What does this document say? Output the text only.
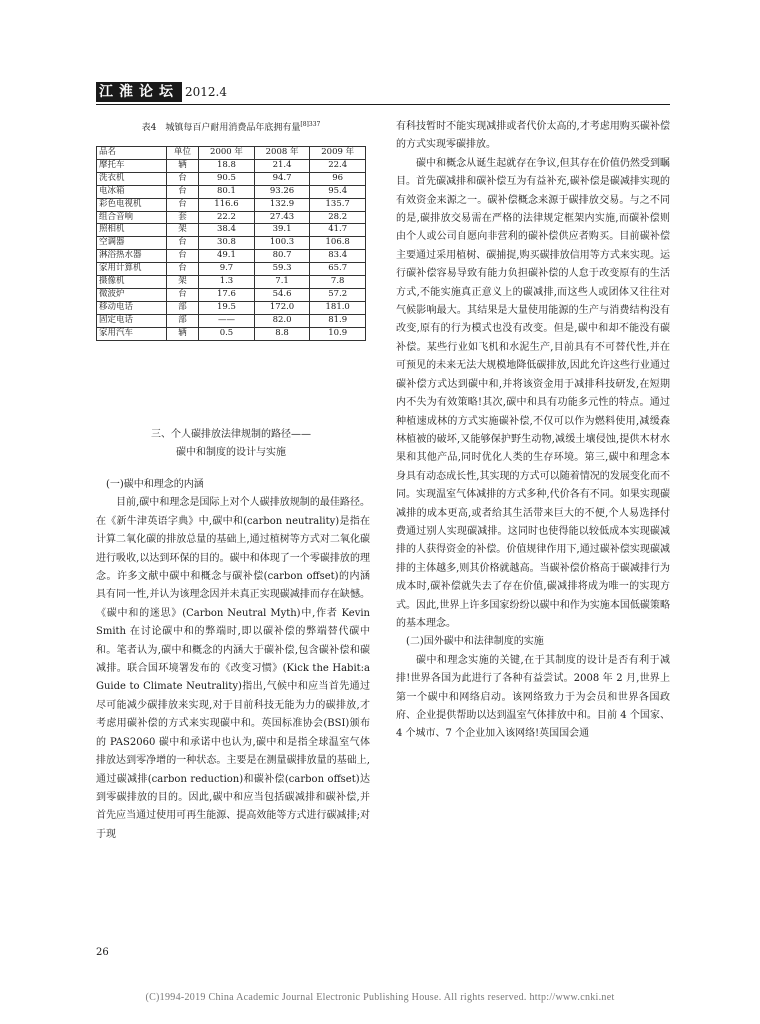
江淮论坛 2012.4
表4　城镇每百户耐用消费品年底拥有量$^{[8]337}$
品名	单位	2000 年	2008 年	2009 年
摩托车	辆	18.8	21.4	22.4
洗衣机	台	90.5	94.7	96
电冰箱	台	80.1	93.26	95.4
彩色电视机	台	116.6	132.9	135.7
组合音响	套	22.2	27.43	28.2
照相机	架	38.4	39.1	41.7
空调器	台	30.8	100.3	106.8
淋浴热水器	台	49.1	80.7	83.4
家用计算机	台	9.7	59.3	65.7
摄像机	架	1.3	7.1	7.8
微波炉	台	17.6	54.6	57.2
移动电话	部	19.5	172.0	181.0
固定电话	部	——	82.0	81.9
家用汽车	辆	0.5	8.8	10.9
三、个人碳排放法律规制的路径——
碳中和制度的设计与实施
(一)碳中和理念的内涵

目前,碳中和理念是国际上对个人碳排放规制的最佳路径。在《新牛津英语字典》中,碳中和(carbon neutrality)是指在计算二氧化碳的排放总量的基础上,通过植树等方式对二氧化碳进行吸收,以达到环保的目的。碳中和体现了一个零碳排放的理念。许多文献中碳中和概念与碳补偿(carbon offset)的内涵具有同一性,并认为该理念因并未真正实现碳减排而存在缺憾。《碳中和的迷思》(Carbon Neutral Myth)中,作者 Kevin Smith 在讨论碳中和的弊端时,即以碳补偿的弊端替代碳中和。笔者认为,碳中和概念的内涵大于碳补偿,包含碳补偿和碳减排。联合国环境署发布的《改变习惯》(Kick the Habit:a Guide to Climate Neutrality)指出,气候中和应当首先通过尽可能减少碳排放来实现,对于目前科技无能为力的碳排放,才考虑用碳补偿的方式来实现碳中和。英国标准协会(BSI)颁布的 PAS2060 碳中和承诺中也认为,碳中和是指全球温室气体排放达到零净增的一种状态。主要是在测量碳排放量的基础上,通过碳减排(carbon reduction)和碳补偿(carbon offset)达到零碳排放的目的。因此,碳中和应当包括碳减排和碳补偿,并首先应当通过使用可再生能源、提高效能等方式进行碳减排;对于现

有科技暂时不能实现减排或者代价太高的,才考虑用购买碳补偿的方式实现零碳排放。

碳中和概念从诞生起就存在争议,但其存在价值仍然受到瞩目。首先碳减排和碳补偿互为有益补充,碳补偿是碳减排实现的有效资金来源之一。碳补偿概念来源于碳排放交易。与之不同的是,碳排放交易需在严格的法律规定框架内实施,而碳补偿则由个人或公司自愿向非营利的碳补偿供应者购买。目前碳补偿主要通过采用植树、碳捕捉,购买碳排放信用等方式来实现。运行碳补偿容易导致有能力负担碳补偿的人怠于改变原有的生活方式,不能实施真正意义上的碳减排,而这些人或团体又往往对气候影响最大。其结果是大量使用能源的生产与消费结构没有改变,原有的行为模式也没有改变。但是,碳中和却不能没有碳补偿。某些行业如飞机和水泥生产,目前具有不可替代性,并在可预见的未来无法大规模地降低碳排放,因此允许这些行业通过碳补偿方式达到碳中和,并将该资金用于减排科技研发,在短期内不失为有效策略!其次,碳中和具有功能多元性的特点。通过种植速成林的方式实施碳补偿,不仅可以作为燃料使用,减缓森林植被的破坏,又能够保护野生动物,减缓土壤侵蚀,提供木材水果和其他产品,同时优化人类的生存环境。第三,碳中和理念本身具有动态成长性,其实现的方式可以随着情况的发展变化而不同。实现温室气体减排的方式多种,代价各有不同。如果实现碳减排的成本更高,或者给其生活带来巨大的不便,个人易选择付费通过别人实现碳减排。这同时也使得能以较低成本实现碳减排的人获得资金的补偿。价值规律作用下,通过碳补偿实现碳减排的主体越多,则其价格就越高。当碳补偿价格高于碳减排行为成本时,碳补偿就失去了存在价值,碳减排将成为唯一的实现方式。因此,世界上许多国家纷纷以碳中和作为实施本国低碳策略的基本理念。

(二)国外碳中和法律制度的实施

碳中和理念实施的关键,在于其制度的设计是否有利于减排!世界各国为此进行了各种有益尝试。2008 年 2 月,世界上第一个碳中和网络启动。该网络致力于为会员和世界各国政府、企业提供帮助以达到温室气体排放中和。目前 4 个国家、4 个城市、7 个企业加入该网络!英国国会通

26
(C)1994-2019 China Academic Journal Electronic Publishing House. All rights reserved. http://www.cnki.net
